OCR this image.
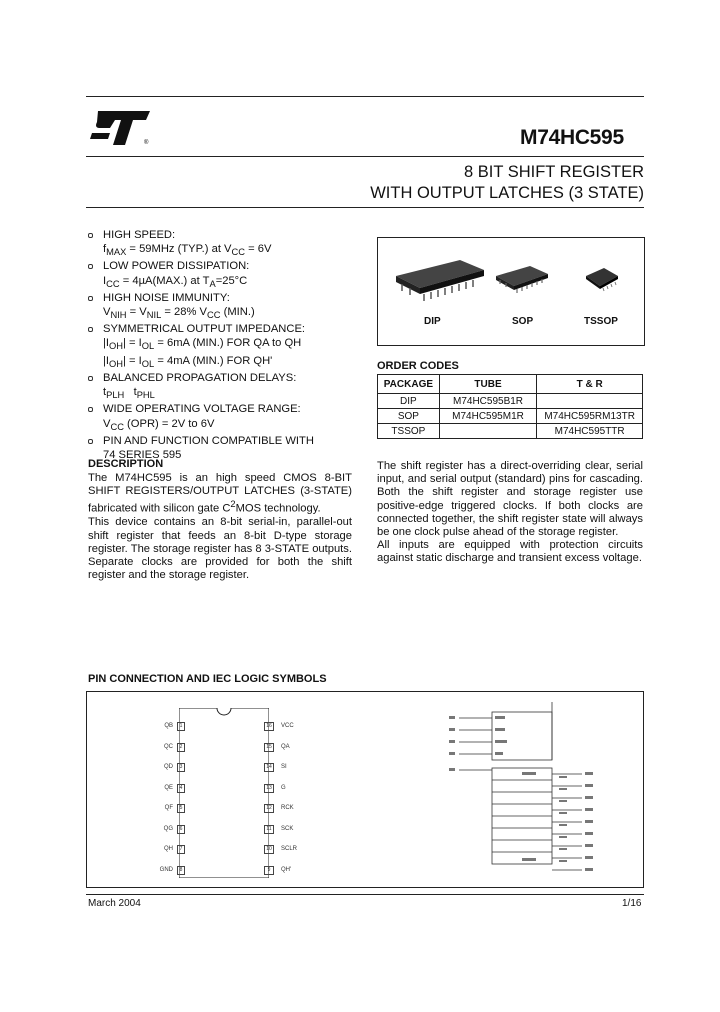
®	M74HC595
8 BIT SHIFT REGISTER
WITH OUTPUT LATCHES (3 STATE)
HIGH SPEED:
$f_{MAX} = 59MHz$ (TYP.) at $V_{CC} = 6V$
LOW POWER DISSIPATION:
$I_{CC} = 4\mu A(MAX.)$ at $T_A=25^\circ C$
HIGH NOISE IMMUNITY:
$V_{NIH} = V_{NIL} = 28\%$ $V_{CC}$ (MIN.)
SYMMETRICAL OUTPUT IMPEDANCE:
$|I_{OH}| = I_{OL} = 6mA$ (MIN.) FOR QA to QH
$|I_{OH}| = I_{OL} = 4mA$ (MIN.) FOR QH'
BALANCED PROPAGATION DELAYS:
$t_{PLH}$   $t_{PHL}$
WIDE OPERATING VOLTAGE RANGE:
$V_{CC}$ (OPR) = 2V to 6V
PIN AND FUNCTION COMPATIBLE WITH
74 SERIES 595
DIP	SOP	TSSOP
ORDER CODES
PACKAGE	TUBE	T & R
DIP	M74HC595B1R	
SOP	M74HC595M1R	M74HC595RM13TR
TSSOP		M74HC595TTR
DESCRIPTION
The M74HC595 is an high speed CMOS 8-BIT SHIFT REGISTERS/OUTPUT LATCHES (3-STATE) fabricated with silicon gate $C^2MOS$ technology.
This device contains an 8-bit serial-in, parallel-out shift register that feeds an 8-bit D-type storage register. The storage register has 8 3-STATE outputs. Separate clocks are provided for both the shift register and the storage register.
The shift register has a direct-overriding clear, serial input, and serial output (standard) pins for cascading. Both the shift register and storage register use positive-edge triggered clocks. If both clocks are connected together, the shift register state will always be one clock pulse ahead of the storage register.
All inputs are equipped with protection circuits against static discharge and transient excess voltage.
PIN CONNECTION AND IEC LOGIC SYMBOLS
QB	1
QC	2
QD	3
QE	4
QF	5
QG	6
QH	7
GND	8
16	VCC
15	QA
14	SI
13	G
12	RCK
11	SCK
10	SCLR
9	QH'
March 2004	1/16
